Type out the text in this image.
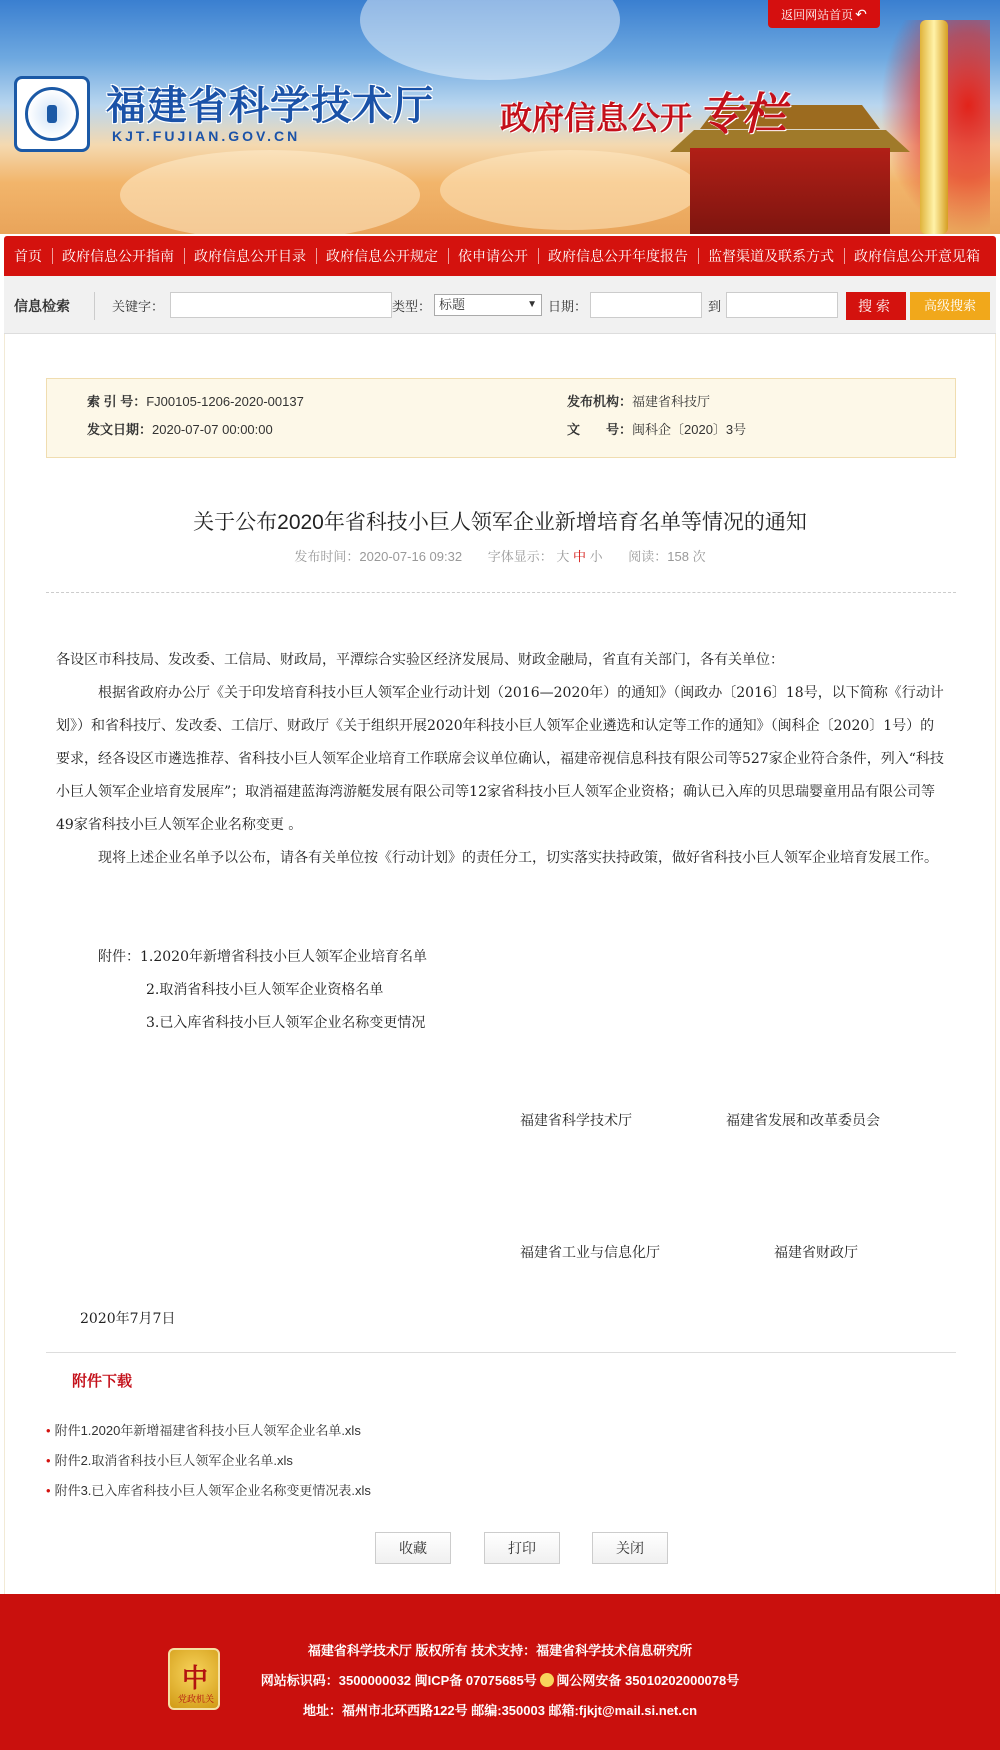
返回网站首页 ↶
福建省科学技术厅
KJT.FUJIAN.GOV.CN	政府信息公开 专栏
首页	政府信息公开指南	政府信息公开目录	政府信息公开规定	依申请公开	政府信息公开年度报告	监督渠道及联系方式	政府信息公开意见箱
信息检索	关键字：	类型： 标题	▼ 日期：	到	搜索	高级搜索
索 引 号：FJ00105-1206-2020-00137	发布机构：福建省科技厅
发文日期：2020-07-07 00:00:00	文　　号：闽科企〔2020〕3号
关于公布2020年省科技小巨人领军企业新增培育名单等情况的通知
发布时间：2020-07-16 09:32 字体显示： 大 中 小 阅读：158 次
各设区市科技局、发改委、工信局、财政局，平潭综合实验区经济发展局、财政金融局，省直有关部门，各有关单位：
根据省政府办公厅《关于印发培育科技小巨人领军企业行动计划（2016—2020年）的通知》（闽政办〔2016〕18号，以下简称《行动计划》）和省科技厅、发改委、工信厅、财政厅《关于组织开展2020年科技小巨人领军企业遴选和认定等工作的通知》（闽科企〔2020〕1号）的要求，经各设区市遴选推荐、省科技小巨人领军企业培育工作联席会议单位确认，福建帝视信息科技有限公司等527家企业符合条件，列入“科技小巨人领军企业培育发展库”；取消福建蓝海湾游艇发展有限公司等12家省科技小巨人领军企业资格；确认已入库的贝思瑞婴童用品有限公司等49家省科技小巨人领军企业名称变更 。
现将上述企业名单予以公布，请各有关单位按《行动计划》的责任分工，切实落实扶持政策，做好省科技小巨人领军企业培育发展工作。
附件：1.2020年新增省科技小巨人领军企业培育名单
2.取消省科技小巨人领军企业资格名单
3.已入库省科技小巨人领军企业名称变更情况
福建省科学技术厅	福建省发展和改革委员会
福建省工业与信息化厅	福建省财政厅
2020年7月7日
附件下载
• 附件1.2020年新增福建省科技小巨人领军企业名单.xls
• 附件2.取消省科技小巨人领军企业名单.xls
• 附件3.已入库省科技小巨人领军企业名称变更情况表.xls
收藏	打印	关闭
中
党政机关
福建省科学技术厅 版权所有 技术支持：福建省科学技术信息研究所
网站标识码：3500000032 闽ICP备 07075685号 闽公网安备 35010202000078号
地址：福州市北环西路122号 邮编:350003 邮箱:fjkjt@mail.si.net.cn
